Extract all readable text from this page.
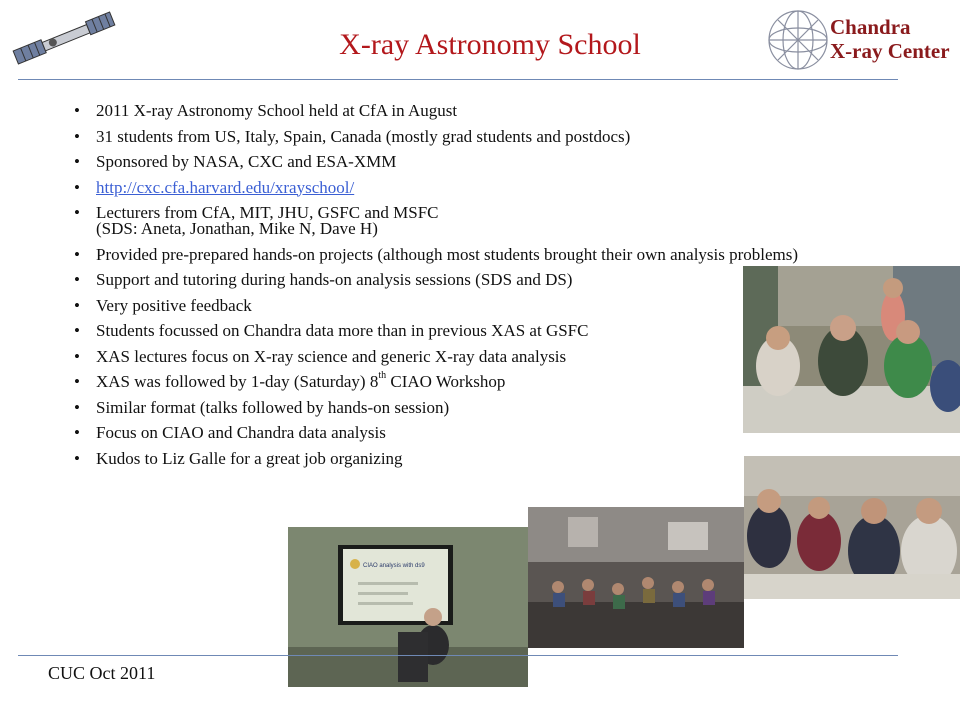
X-ray Astronomy School
Chandra
X-ray Center
• 2011 X-ray Astronomy School held at CfA in August
• 31 students from US, Italy, Spain, Canada (mostly grad students and postdocs)
• Sponsored by NASA, CXC and ESA-XMM
• http://cxc.cfa.harvard.edu/xrayschool/
• Lecturers from CfA, MIT, JHU, GSFC and MSFC
(SDS: Aneta, Jonathan, Mike N, Dave H)
• Provided pre-prepared hands-on projects (although most students brought their own analysis problems)
• Support and tutoring during hands-on analysis sessions (SDS and DS)
• Very positive feedback
• Students focussed on Chandra data more than in previous XAS at GSFC
• XAS lectures focus on X-ray science and generic X-ray data analysis
• XAS was followed by 1-day (Saturday) 8th CIAO Workshop
• Similar format (talks followed by hands-on session)
• Focus on CIAO and Chandra data analysis
• Kudos to Liz Galle for a great job organizing
CIAO analysis with ds9
CUC Oct 2011
